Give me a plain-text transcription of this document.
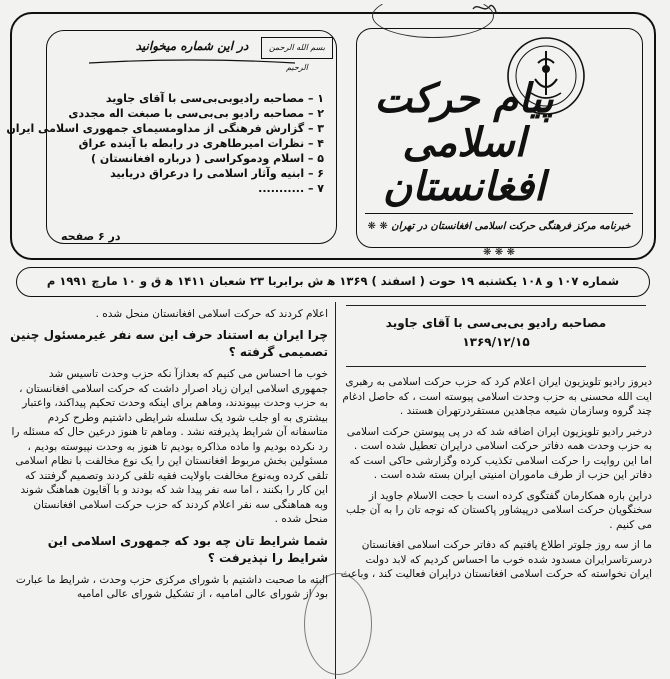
در این شماره میخوانید	بسم الله الرحمن الرحيم
۱ – مصاحبه رادیوبی‌بی‌سی با آقای جاوید
۲ – مصاحبه رادیو بی‌بی‌سی با صبغت اله مجددی
۳ – گزارش فرهنگی از مداومسیمای جمهوری اسلامی ایران
۴ – نظرات امیرطاهری در رابطه با آینده عراق
۵ – اسلام ودموکراسی ( درباره افغانستان )
۶ – ابنیه وآثار اسلامی را درعراق دریابید
۷ – ...........
در ۶ صفحه
پیام حرکت اسلامی افغانستان
❋ ❋ خبرنامه مرکز فرهنگی حرکت اسلامی افغانستان در تهران ❋ ❋ ❋
شماره ۱۰۷ و ۱۰۸ یکشنبه ۱۹ حوت ( اسفند ) ۱۳۶۹ ه‍ ش برابربا ۲۳ شعبان ۱۴۱۱ ه‍ ق و ۱۰ مارچ ۱۹۹۱ م
مصاحبه رادیو بی‌بی‌سی با آقای جاوید
۱۳۶۹/۱۲/۱۵

دیروز رادیو تلویزیون ایران اعلام کرد که حزب حرکت اسلامی به رهبری ایت الله محسنی به حزب وحدت اسلامی پیوسته است ، که حاصل ادغام چند گروه وسازمان شیعه مجاهدین مستقردرتهران هستند .

درخبر رادیو تلویزیون ایران اضافه شد که در پی پیوستن حرکت اسلامی به حزب وحدت همه دفاتر حرکت اسلامی درایران تعطیل شده است . اما این روایت را حرکت اسلامی تکذیب کرده وگزارشی حاکی است که دفاتر این حزب از طرف ماموران امنیتی ایران بسته شده است .

دراین باره همکارمان گفتگوی کرده است با حجت الاسلام جاوید از سخنگویان حرکت اسلامی درپیشاور پاکستان که توجه تان را به آن جلب می کنیم .

ما از سه روز جلوتر اطلاع یافتیم که دفاتر حرکت اسلامی افغانستان درسرتاسرایران مسدود شده خوب ما احساس کردیم که لابد دولت ایران نخواسته که حرکت اسلامی افغانستان درایران فعالیت کند ، وباعث

اعلام کردند که حرکت اسلامی افغانستان منحل شده .
چرا ایران به استناد حرف این سه نفر غیرمسئول چنین تصمیمی گرفته ؟

خوب ما احساس می کنیم که بعدازآ نکه حزب وحدت تاسیس شد جمهوری اسلامی ایران زیاد اصرار داشت که حرکت اسلامی افغانستان ، به حزب وحدت بپیوندند، وماهم برای اینکه وحدت تحکیم پیداکند، واعتبار بیشتری به او جلب شود یک سلسله شرایطی داشتیم وطرح کردم متاسفانه آن شرایط پذیرفته نشد . وماهم تا هنوز درعین حال که مسئله را رد نکرده بودیم وا ماده مذاکره بودیم تا هنوز به وحدت نپیوسته بودیم ، مسئولین بخش مربوط افغانستان این را یک نوع مخالفت با نظام اسلامی تلقی کرده وبه‌نوع مخالفت باولایت فقیه تلقی کردند وتصمیم گرفتند که این کار را بکنند ، اما سه نفر پیدا شد که بودند و با آقایون هماهنگ شوند وبه هماهنگی سه نفر اعلام کردند که حزب حرکت اسلامی افغانستان منحل شده .

شما شرایط تان چه بود که جمهوری اسلامی این شرایط را نپذیرفت ؟

البته ما صحبت داشتیم با شورای مرکزی حزب وحدت ، شرایط ما عبارت بود از شورای عالی امامیه ، از تشکیل شورای عالی امامیه
